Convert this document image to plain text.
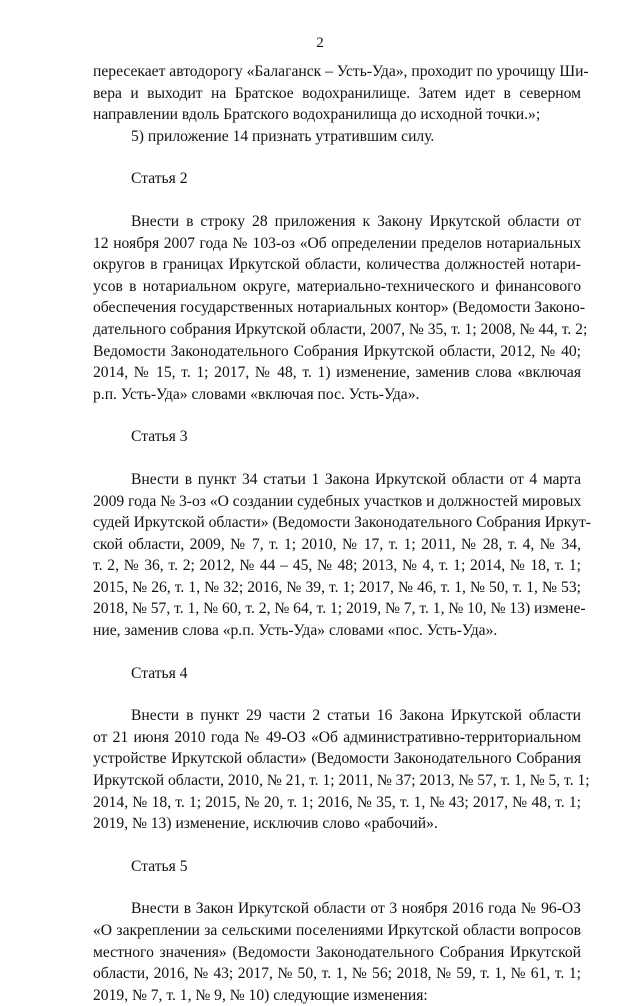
2
пересекает автодорогу «Балаганск – Усть-Уда», проходит по урочищу Ши-
вера и выходит на Братское водохранилище. Затем идет в северном
направлении вдоль Братского водохранилища до исходной точки.»;
5) приложение 14 признать утратившим силу.
Статья 2
Внести в строку 28 приложения к Закону Иркутской области от
12 ноября 2007 года № 103-оз «Об определении пределов нотариальных
округов в границах Иркутской области, количества должностей нотари-
усов в нотариальном округе, материально-технического и финансового
обеспечения государственных нотариальных контор» (Ведомости Законо-
дательного собрания Иркутской области, 2007, № 35, т. 1; 2008, № 44, т. 2;
Ведомости Законодательного Собрания Иркутской области, 2012, № 40;
2014, № 15, т. 1; 2017, № 48, т. 1) изменение, заменив слова «включая
р.п. Усть-Уда» словами «включая пос. Усть-Уда».
Статья 3
Внести в пункт 34 статьи 1 Закона Иркутской области от 4 марта
2009 года № 3-оз «О создании судебных участков и должностей мировых
судей Иркутской области» (Ведомости Законодательного Собрания Иркут-
ской области, 2009, № 7, т. 1; 2010, № 17, т. 1; 2011, № 28, т. 4, № 34,
т. 2, № 36, т. 2; 2012, № 44 – 45, № 48; 2013, № 4, т. 1; 2014, № 18, т. 1;
2015, № 26, т. 1, № 32; 2016, № 39, т. 1; 2017, № 46, т. 1, № 50, т. 1, № 53;
2018, № 57, т. 1, № 60, т. 2, № 64, т. 1; 2019, № 7, т. 1, № 10, № 13) измене-
ние, заменив слова «р.п. Усть-Уда» словами «пос. Усть-Уда».
Статья 4
Внести в пункт 29 части 2 статьи 16 Закона Иркутской области
от 21 июня 2010 года № 49-ОЗ «Об административно-территориальном
устройстве Иркутской области» (Ведомости Законодательного Собрания
Иркутской области, 2010, № 21, т. 1; 2011, № 37; 2013, № 57, т. 1, № 5, т. 1;
2014, № 18, т. 1; 2015, № 20, т. 1; 2016, № 35, т. 1, № 43; 2017, № 48, т. 1;
2019, № 13) изменение, исключив слово «рабочий».
Статья 5
Внести в Закон Иркутской области от 3 ноября 2016 года № 96-ОЗ
«О закреплении за сельскими поселениями Иркутской области вопросов
местного значения» (Ведомости Законодательного Собрания Иркутской
области, 2016, № 43; 2017, № 50, т. 1, № 56; 2018, № 59, т. 1, № 61, т. 1;
2019, № 7, т. 1, № 9, № 10) следующие изменения:
